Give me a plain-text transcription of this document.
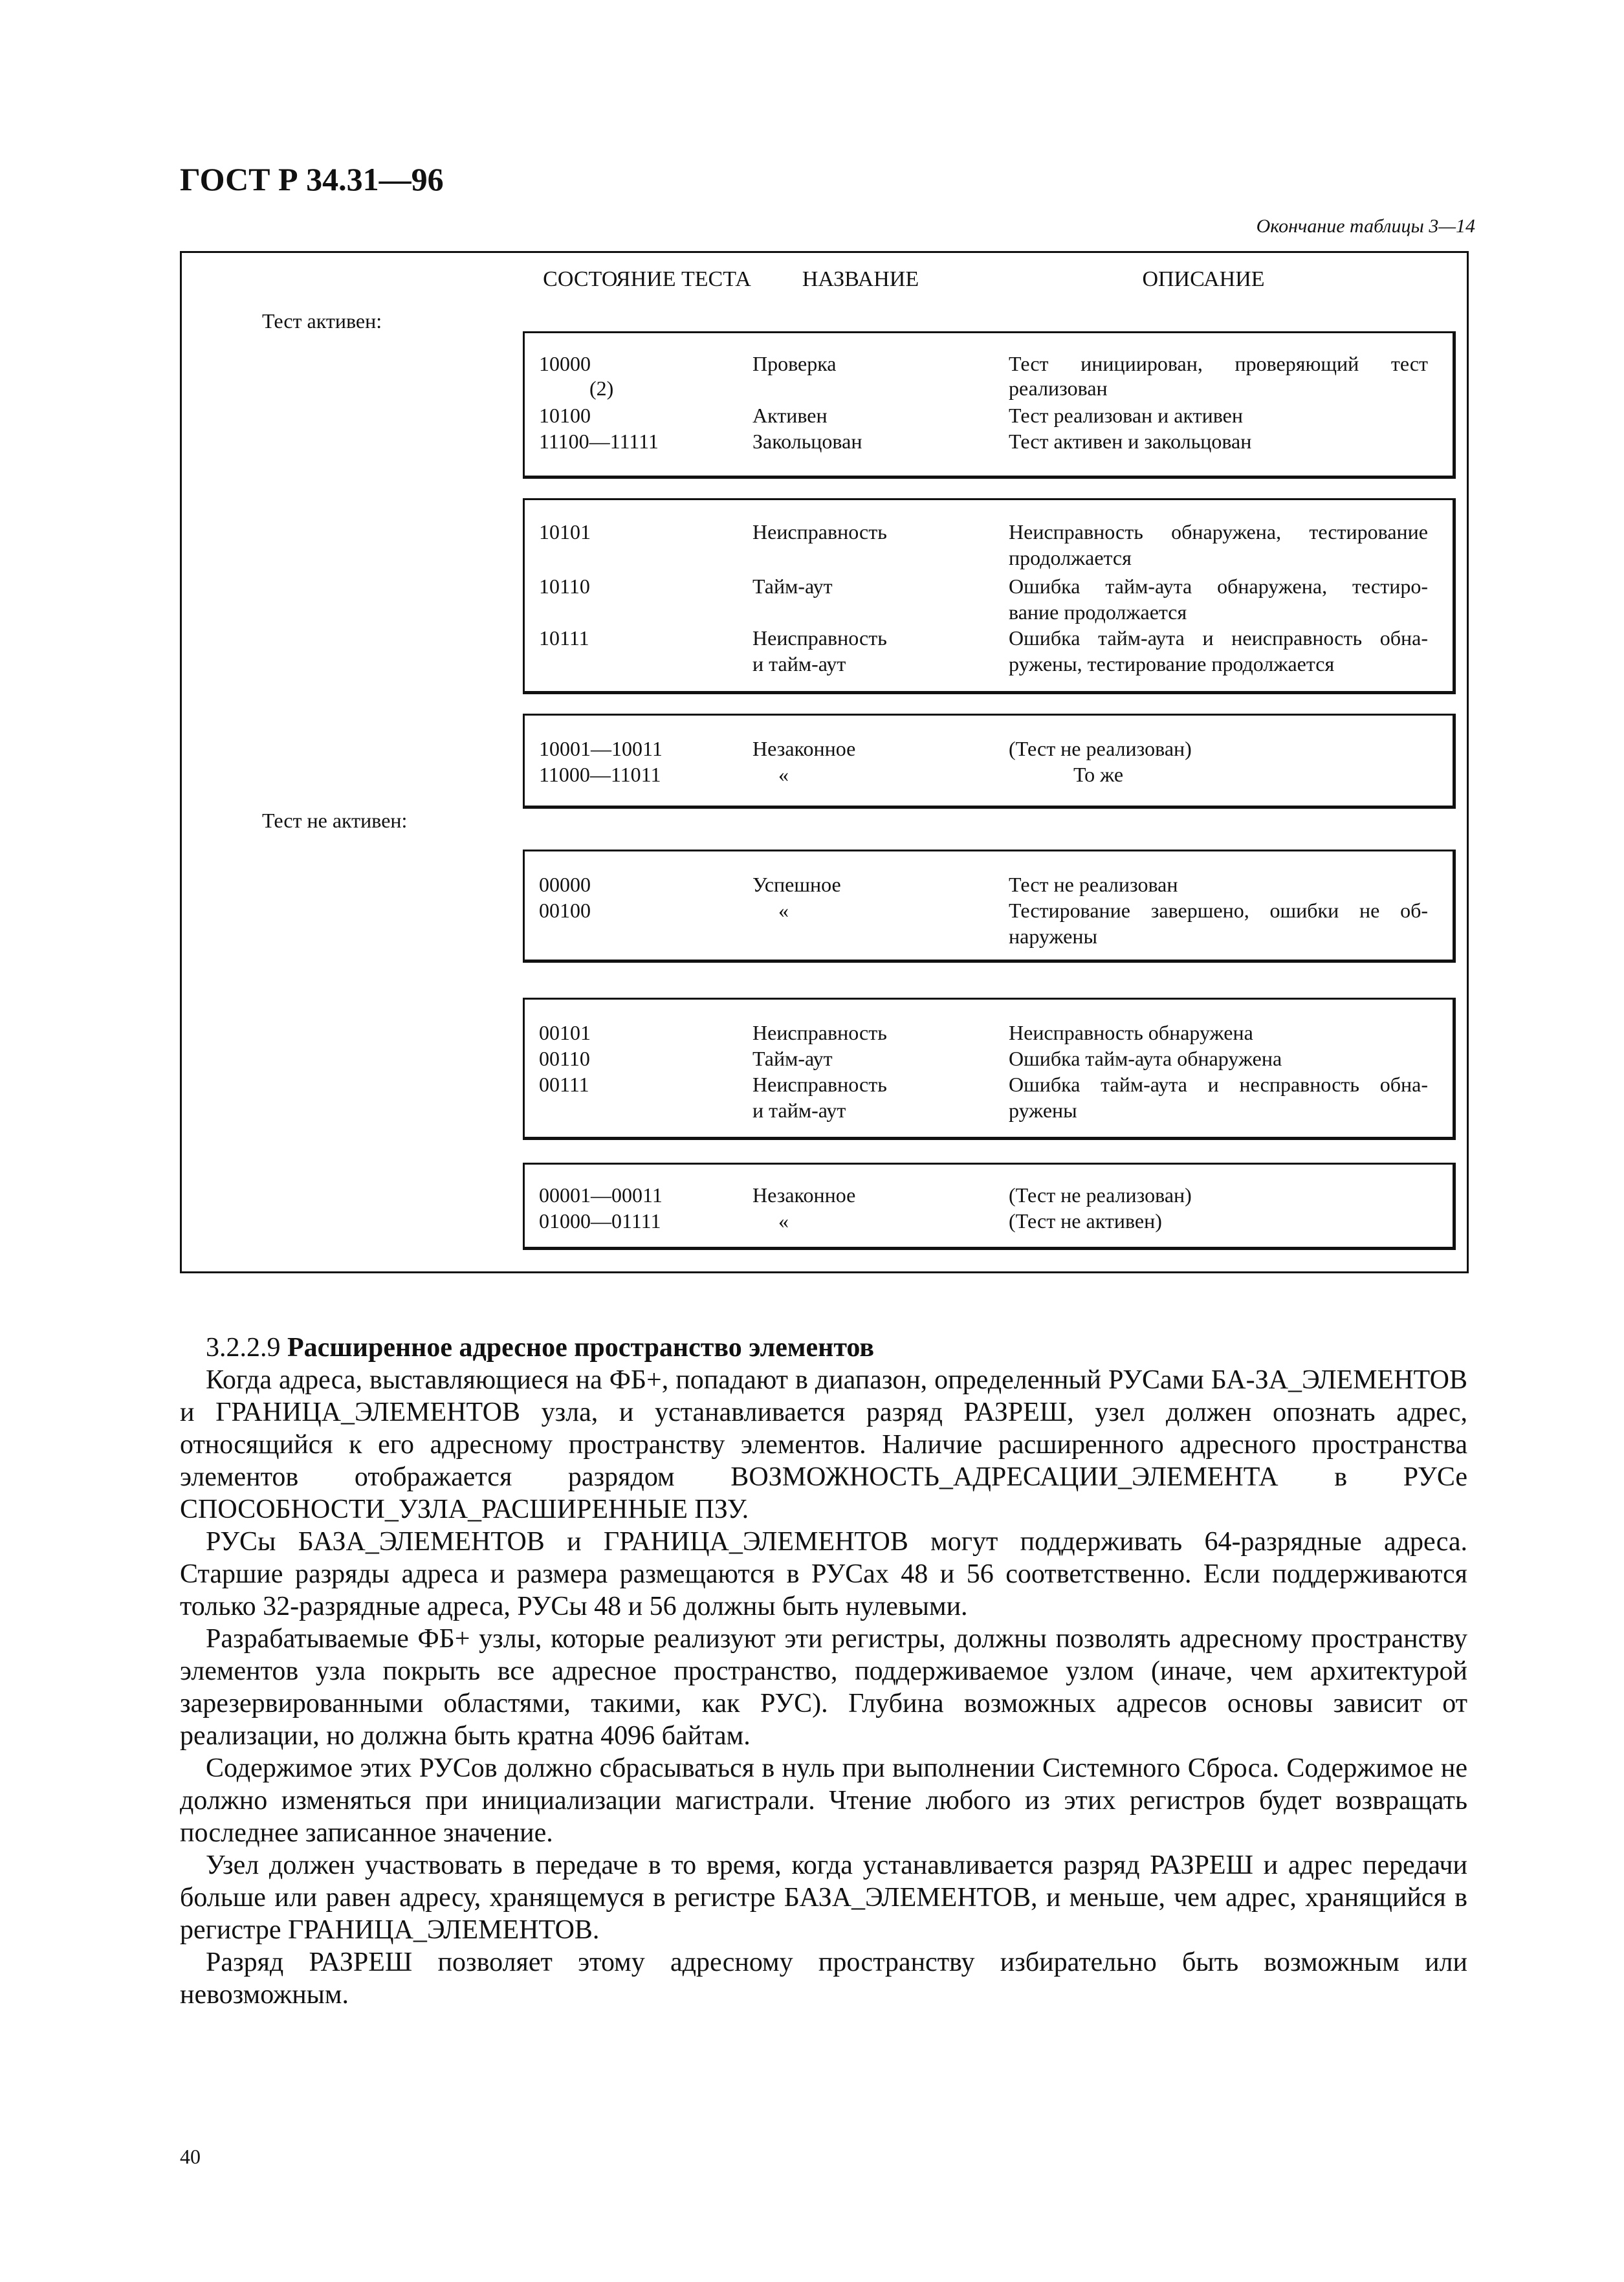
ГОСТ Р 34.31—96
Окончание таблицы 3—14
СОСТОЯНИЕ ТЕСТА	НАЗВАНИЕ	ОПИСАНИЕ
Тест активен:
Тест не активен:
10000	Проверка	Тест инициирован, проверяющий тест
(2)	реализован
10100	Активен	Тест реализован и активен
11100—11111	Закольцован	Тест активен и закольцован
10101	Неисправность	Неисправность обнаружена, тестирование
продолжается
10110	Тайм-аут	Ошибка тайм-аута обнаружена, тестиро-
вание продолжается
10111	Неисправность	Ошибка тайм-аута и неисправность обна-
и тайм-аут	ружены, тестирование продолжается
10001—10011	Незаконное	(Тест не реализован)
11000—11011	«	То же
00000	Успешное	Тест не реализован
00100	«	Тестирование завершено, ошибки не об-
наружены
00101	Неисправность	Неисправность обнаружена
00110	Тайм-аут	Ошибка тайм-аута обнаружена
00111	Неисправность	Ошибка тайм-аута и несправность обна-
и тайм-аут	ружены
00001—00011	Незаконное	(Тест не реализован)
01000—01111	«	(Тест не активен)

3.2.2.9 Расширенное адресное пространство элементов

Когда адреса, выставляющиеся на ФБ+, попадают в диапазон, определенный РУСами БА-ЗА_ЭЛЕМЕНТОВ и ГРАНИЦА_ЭЛЕМЕНТОВ узла, и устанавливается разряд РАЗРЕШ, узел должен опознать адрес, относящийся к его адресному пространству элементов. Наличие расширенного адресного пространства элементов отображается разрядом ВОЗМОЖНОСТЬ_АДРЕСАЦИИ_ЭЛЕМЕНТА в РУСе СПОСОБНОСТИ_УЗЛА_РАСШИРЕННЫЕ ПЗУ.

РУСы БАЗА_ЭЛЕМЕНТОВ и ГРАНИЦА_ЭЛЕМЕНТОВ могут поддерживать 64-разрядные адреса. Старшие разряды адреса и размера размещаются в РУСах 48 и 56 соответственно. Если поддерживаются только 32-разрядные адреса, РУСы 48 и 56 должны быть нулевыми.

Разрабатываемые ФБ+ узлы, которые реализуют эти регистры, должны позволять адресному пространству элементов узла покрыть все адресное пространство, поддерживаемое узлом (иначе, чем архитектурой зарезервированными областями, такими, как РУС). Глубина возможных адресов основы зависит от реализации, но должна быть кратна 4096 байтам.

Содержимое этих РУСов должно сбрасываться в нуль при выполнении Системного Сброса. Содержимое не должно изменяться при инициализации магистрали. Чтение любого из этих регистров будет возвращать последнее записанное значение.

Узел должен участвовать в передаче в то время, когда устанавливается разряд РАЗРЕШ и адрес передачи больше или равен адресу, хранящемуся в регистре БАЗА_ЭЛЕМЕНТОВ, и меньше, чем адрес, хранящийся в регистре ГРАНИЦА_ЭЛЕМЕНТОВ.

Разряд РАЗРЕШ позволяет этому адресному пространству избирательно быть возможным или невозможным.

40
